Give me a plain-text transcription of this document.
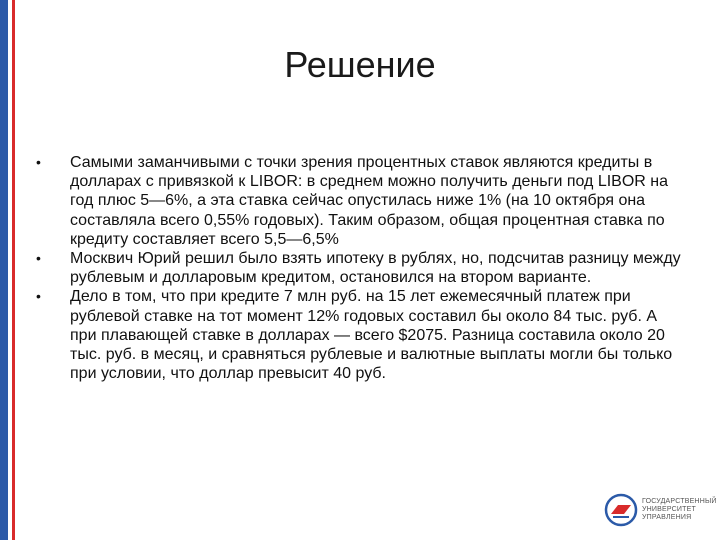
Решение
•	Самыми заманчивыми с точки зрения процентных ставок являются кредиты в долларах с привязкой к LIBOR: в среднем можно получить деньги под LIBOR на год плюс 5—6%, а эта ставка сейчас опустилась ниже 1% (на 10 октября она составляла всего 0,55% годовых). Таким образом, общая процентная ставка по кредиту составляет всего 5,5—6,5%
•	Москвич Юрий решил было взять ипотеку в рублях, но, подсчитав разницу между рублевым и долларовым кредитом, остановился на втором варианте.
•	Дело в том, что при кредите 7 млн руб. на 15 лет ежемесячный платеж при рублевой ставке на тот момент 12% годовых составил бы около 84 тыс. руб. А при плавающей ставке в долларах — всего $2075. Разница составила около 20 тыс. руб. в месяц, и сравняться рублевые и валютные выплаты могли бы только при условии, что доллар превысит 40 руб.
ГОСУДАРСТВЕННЫЙ
УНИВЕРСИТЕТ
УПРАВЛЕНИЯ
